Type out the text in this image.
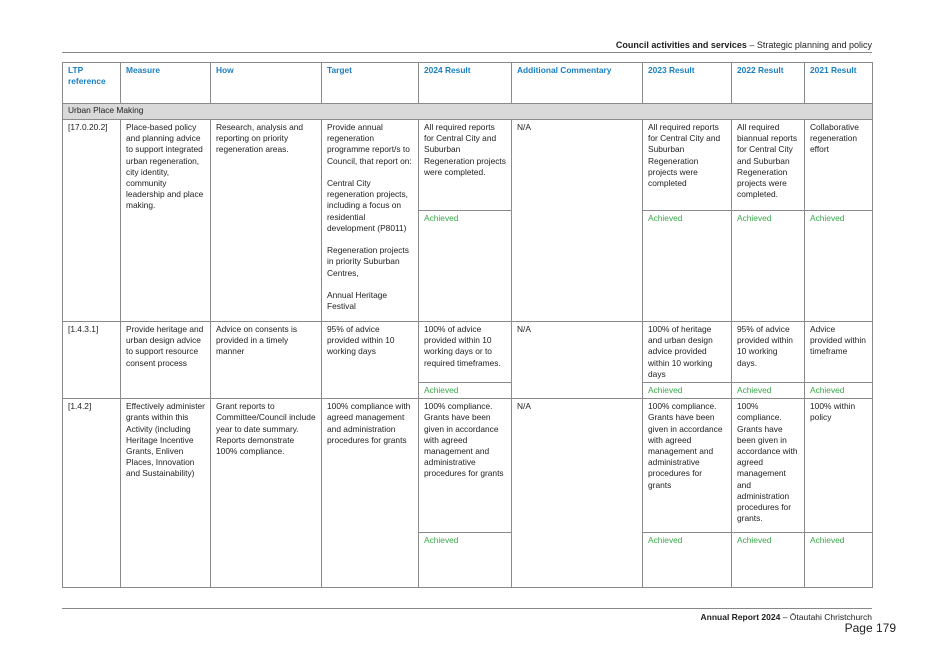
Council activities and services – Strategic planning and policy
LTP reference	Measure	How	Target	2024 Result	Additional Commentary	2023 Result	2022 Result	2021 Result
Urban Place Making								
[17.0.20.2]	Place-based policy and planning advice to support integrated urban regeneration, city identity, community leadership and place making.	Research, analysis and reporting on priority regeneration areas.	Provide annual regeneration programme report/s to Council, that report on:

Central City regeneration projects, including a focus on residential development (P8011)

Regeneration projects in priority Suburban Centres,

Annual Heritage Festival	All required reports for Central City and Suburban Regeneration projects were completed.	N/A	All required reports for Central City and Suburban Regeneration projects were completed	All required biannual reports for Central City and Suburban Regeneration projects were completed.	Collaborative regeneration effort
				Achieved		Achieved	Achieved	Achieved
[1.4.3.1]	Provide heritage and urban design advice to support resource consent process	Advice on consents is provided in a timely manner	95% of advice provided within 10 working days	100% of advice provided within 10 working days or to required timeframes.	N/A	100% of heritage and urban design advice provided within 10 working days	95% of advice provided within 10 working days.	Advice provided within timeframe
				Achieved		Achieved	Achieved	Achieved
[1.4.2]	Effectively administer grants within this Activity (including Heritage Incentive Grants, Enliven Places, Innovation and Sustainability)	Grant reports to Committee/Council include year to date summary. Reports demonstrate 100% compliance.	100% compliance with agreed management and administration procedures for grants	100% compliance. Grants have been given in accordance with agreed management and administrative procedures for grants	N/A	100% compliance. Grants have been given in accordance with agreed management and administrative procedures for grants	100% compliance. Grants have been given in accordance with agreed management and administration procedures for grants.	100% within policy
				Achieved		Achieved	Achieved	Achieved
Annual Report 2024 – Ōtautahi Christchurch
Page 179
